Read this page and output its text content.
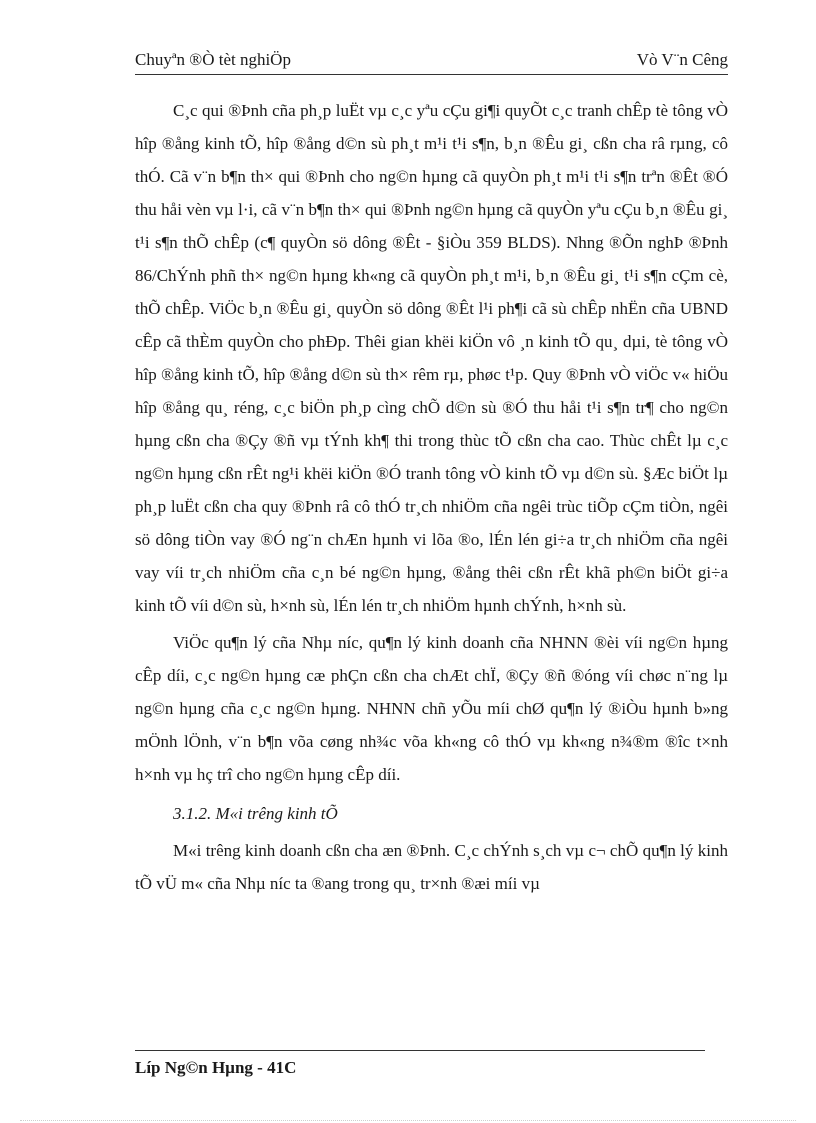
Chuyªn ®Ò tèt nghiÖp	Vò V¨n Cêng

C¸c qui ®Þnh cña ph¸p luËt vµ c¸c yªu cÇu gi¶i quyÕt c¸c tranh chÊp tè tông vÒ hîp ®ång kinh tÕ, hîp ®ång d©n sù ph¸t m¹i t¹i s¶n, b¸n ®Êu gi¸ cßn cha râ rµng, cô thÓ. Cã v¨n b¶n th× qui ®Þnh cho ng©n hµng cã quyÒn ph¸t m¹i t¹i s¶n trªn ®Êt ®Ó thu håi vèn vµ l·i, cã v¨n b¶n th× qui ®Þnh ng©n hµng cã quyÒn yªu cÇu b¸n ®Êu gi¸ t¹i s¶n thÕ chÊp (c¶ quyÒn sö dông ®Êt - §iÒu 359 BLDS). Nhng ®Õn nghÞ ®Þnh 86/ChÝnh phñ th× ng©n hµng kh«ng cã quyÒn ph¸t m¹i, b¸n ®Êu gi¸ t¹i s¶n cÇm cè, thÕ chÊp. ViÖc b¸n ®Êu gi¸ quyÒn sö dông ®Êt l¹i ph¶i cã sù chÊp nhËn cña UBND cÊp cã thÈm quyÒn cho phÐp. Thêi gian khëi kiÖn vô ¸n kinh tÕ qu¸ dµi, tè tông vÒ hîp ®ång kinh tÕ, hîp ®ång d©n sù th× rêm rµ, phøc t¹p. Quy ®Þnh vÒ viÖc v« hiÖu hîp ®ång qu¸ réng, c¸c biÖn ph¸p cìng chÕ d©n sù ®Ó thu håi t¹i s¶n tr¶ cho ng©n hµng cßn cha ®Çy ®ñ vµ tÝnh kh¶ thi trong thùc tÕ cßn cha cao. Thùc chÊt lµ c¸c ng©n hµng cßn rÊt ng¹i khëi kiÖn ®Ó tranh tông vÒ kinh tÕ vµ d©n sù. §Æc biÖt lµ ph¸p luËt cßn cha quy ®Þnh râ cô thÓ tr¸ch nhiÖm cña ngêi trùc tiÕp cÇm tiÒn, ngêi sö dông tiÒn vay ®Ó ng¨n chÆn hµnh vi lõa ®o, lÉn lén gi÷a tr¸ch nhiÖm cña ngêi vay víi tr¸ch nhiÖm cña c¸n bé ng©n hµng, ®ång thêi cßn rÊt khã ph©n biÖt gi÷a kinh tÕ víi d©n sù, h×nh sù, lÉn lén tr¸ch nhiÖm hµnh chÝnh, h×nh sù.

ViÖc qu¶n lý cña Nhµ níc, qu¶n lý kinh doanh cña NHNN ®èi víi ng©n hµng cÊp díi, c¸c ng©n hµng cæ phÇn cßn cha chÆt chÏ, ®Çy ®ñ ®óng víi chøc n¨ng lµ ng©n hµng cña c¸c ng©n hµng. NHNN chñ yÕu míi chØ qu¶n lý ®iÒu hµnh b»ng mÖnh lÖnh, v¨n b¶n võa cøng nh¾c võa kh«ng cô thÓ vµ kh«ng n¾®m ®îc t×nh h×nh vµ hç trî cho ng©n hµng cÊp díi.

3.1.2. M«i trêng kinh tÕ

M«i trêng kinh doanh cßn cha æn ®Þnh. C¸c chÝnh s¸ch vµ c¬ chÕ qu¶n lý kinh tÕ vÜ m« cña Nhµ níc ta ®ang trong qu¸ tr×nh ®æi míi vµ

Líp Ng©n Hµng - 41C
